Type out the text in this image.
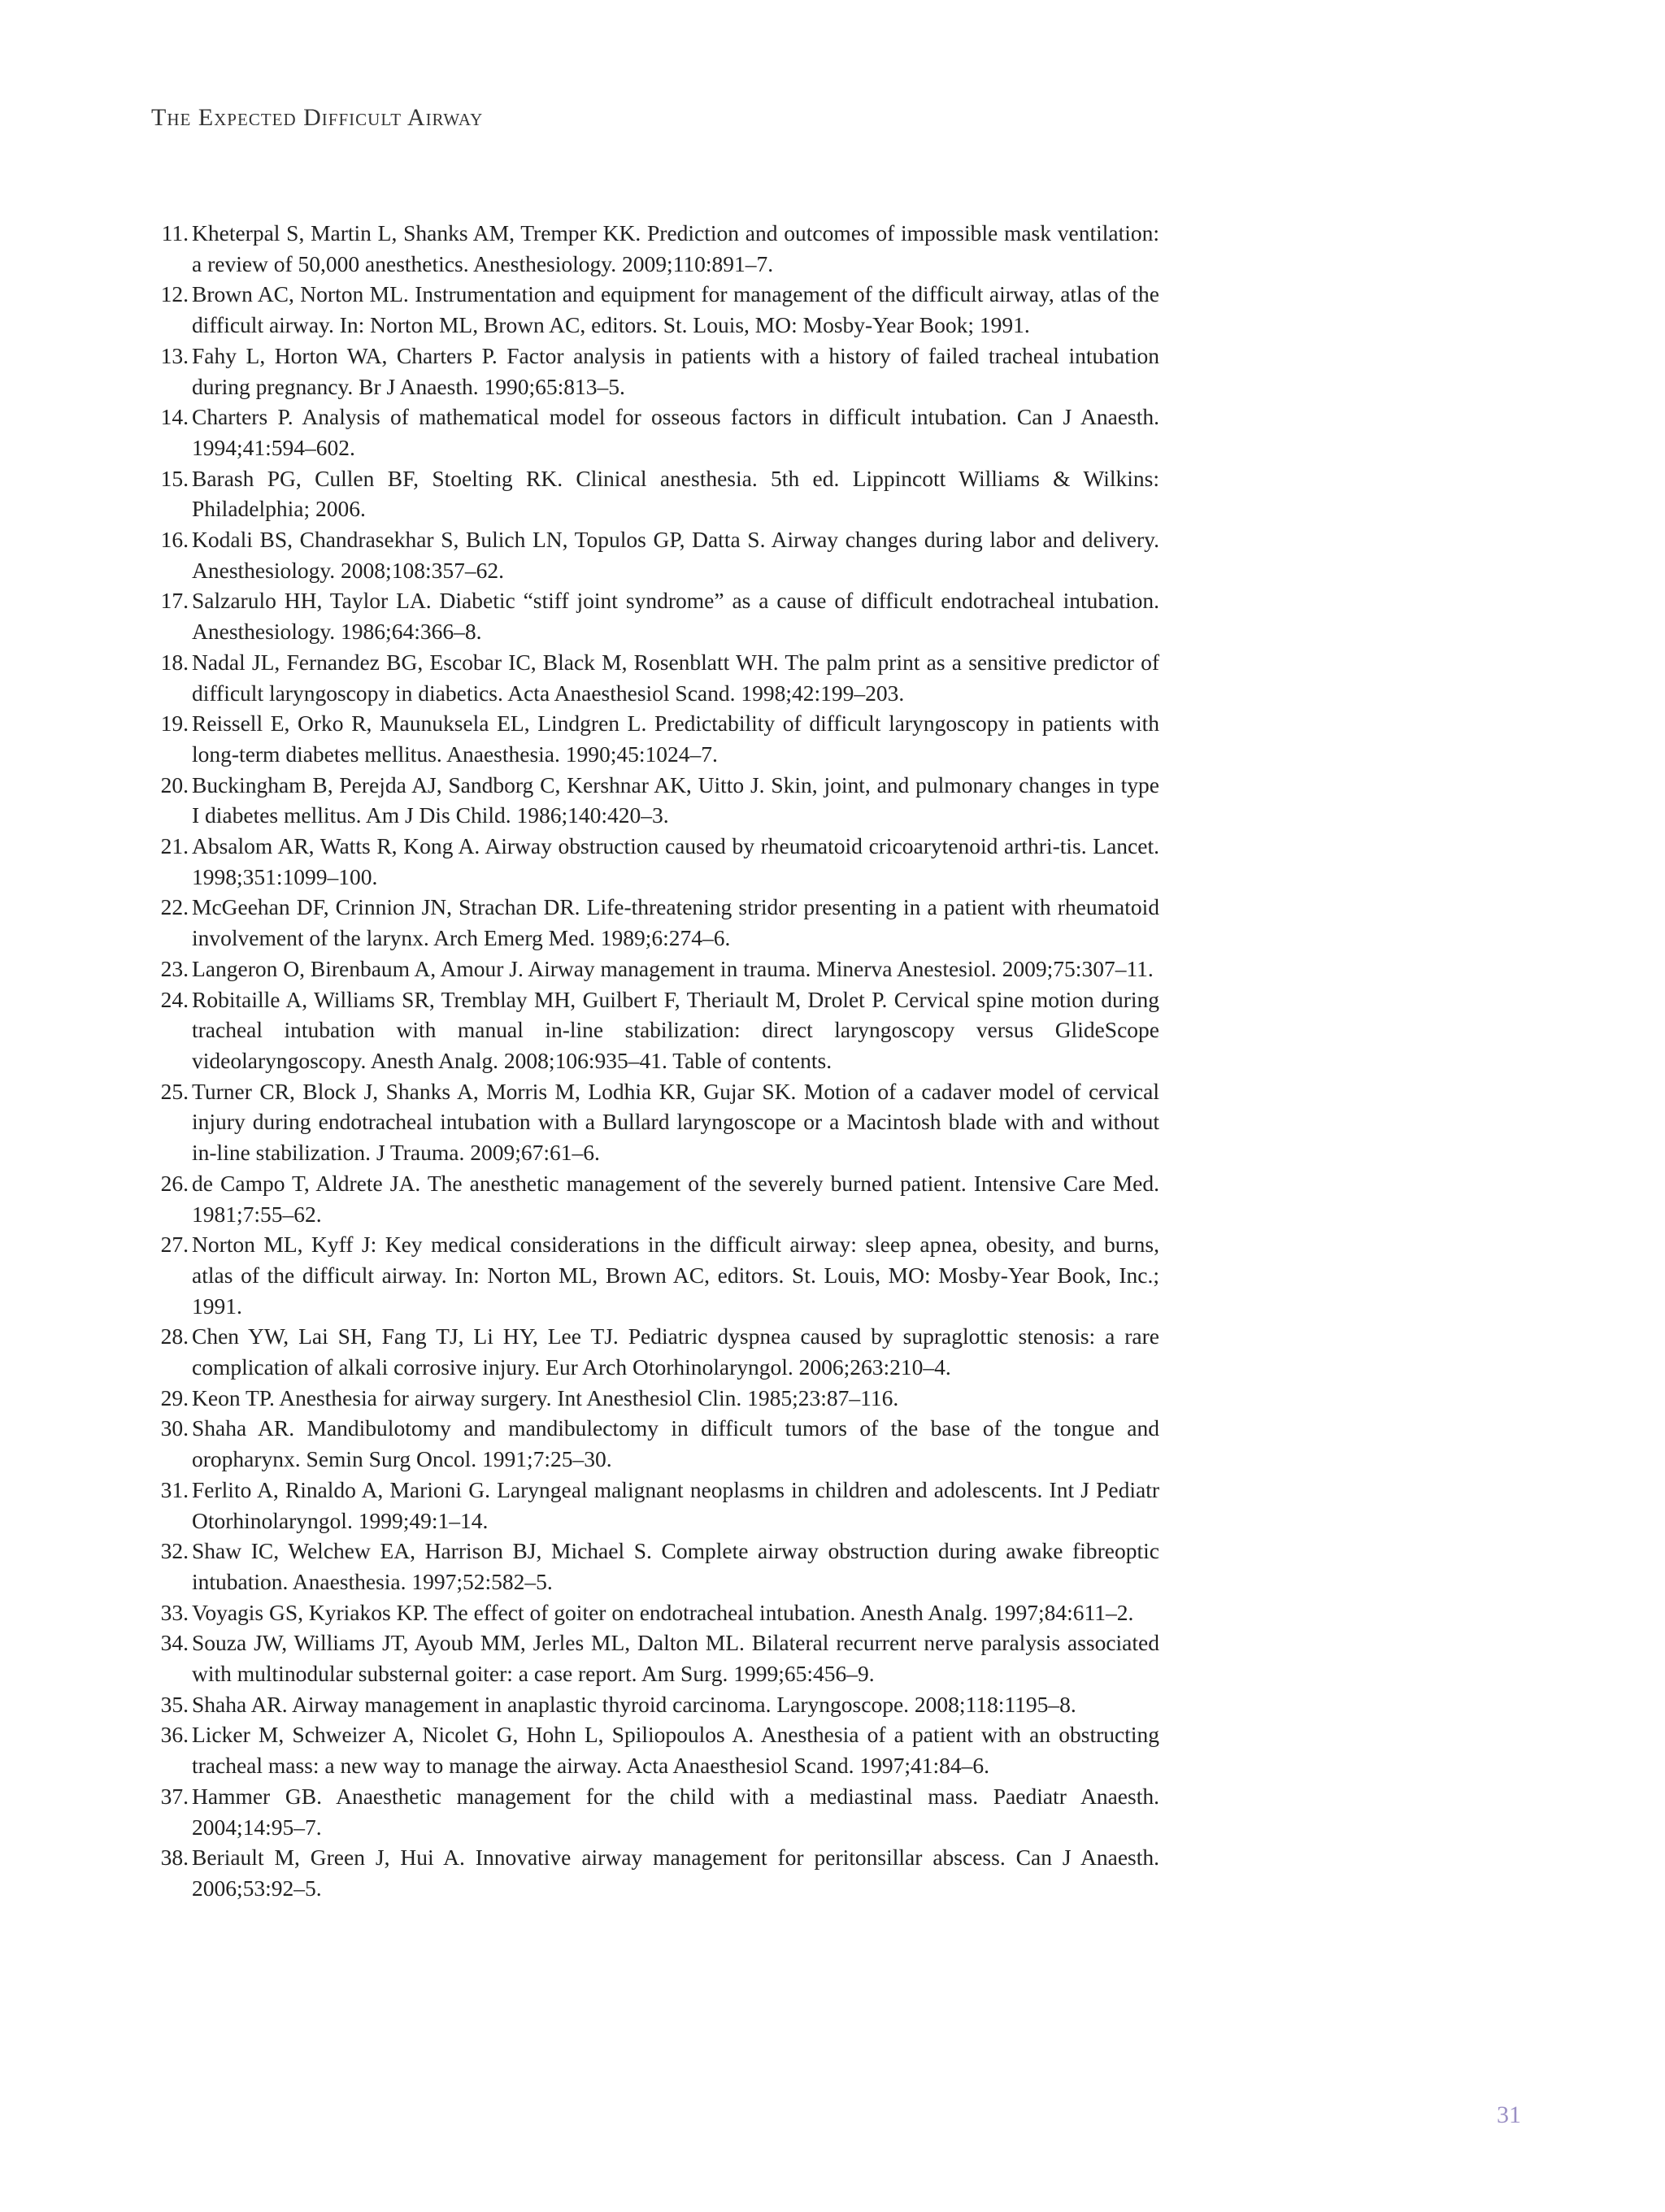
The Expected Difficult Airway
11. Kheterpal S, Martin L, Shanks AM, Tremper KK. Prediction and outcomes of impossible mask ventilation: a review of 50,000 anesthetics. Anesthesiology. 2009;110:891–7.
12. Brown AC, Norton ML. Instrumentation and equipment for management of the difficult airway, atlas of the difficult airway. In: Norton ML, Brown AC, editors. St. Louis, MO: Mosby-Year Book; 1991.
13. Fahy L, Horton WA, Charters P. Factor analysis in patients with a history of failed tracheal intubation during pregnancy. Br J Anaesth. 1990;65:813–5.
14. Charters P. Analysis of mathematical model for osseous factors in difficult intubation. Can J Anaesth. 1994;41:594–602.
15. Barash PG, Cullen BF, Stoelting RK. Clinical anesthesia. 5th ed. Lippincott Williams & Wilkins: Philadelphia; 2006.
16. Kodali BS, Chandrasekhar S, Bulich LN, Topulos GP, Datta S. Airway changes during labor and delivery. Anesthesiology. 2008;108:357–62.
17. Salzarulo HH, Taylor LA. Diabetic “stiff joint syndrome” as a cause of difficult endotracheal intubation. Anesthesiology. 1986;64:366–8.
18. Nadal JL, Fernandez BG, Escobar IC, Black M, Rosenblatt WH. The palm print as a sensitive predictor of difficult laryngoscopy in diabetics. Acta Anaesthesiol Scand. 1998;42:199–203.
19. Reissell E, Orko R, Maunuksela EL, Lindgren L. Predictability of difficult laryngoscopy in patients with long-term diabetes mellitus. Anaesthesia. 1990;45:1024–7.
20. Buckingham B, Perejda AJ, Sandborg C, Kershnar AK, Uitto J. Skin, joint, and pulmonary changes in type I diabetes mellitus. Am J Dis Child. 1986;140:420–3.
21. Absalom AR, Watts R, Kong A. Airway obstruction caused by rheumatoid cricoarytenoid arthri-tis. Lancet. 1998;351:1099–100.
22. McGeehan DF, Crinnion JN, Strachan DR. Life-threatening stridor presenting in a patient with rheumatoid involvement of the larynx. Arch Emerg Med. 1989;6:274–6.
23. Langeron O, Birenbaum A, Amour J. Airway management in trauma. Minerva Anestesiol. 2009;75:307–11.
24. Robitaille A, Williams SR, Tremblay MH, Guilbert F, Theriault M, Drolet P. Cervical spine motion during tracheal intubation with manual in-line stabilization: direct laryngoscopy versus GlideScope videolaryngoscopy. Anesth Analg. 2008;106:935–41. Table of contents.
25. Turner CR, Block J, Shanks A, Morris M, Lodhia KR, Gujar SK. Motion of a cadaver model of cervical injury during endotracheal intubation with a Bullard laryngoscope or a Macintosh blade with and without in-line stabilization. J Trauma. 2009;67:61–6.
26. de Campo T, Aldrete JA. The anesthetic management of the severely burned patient. Intensive Care Med. 1981;7:55–62.
27. Norton ML, Kyff J: Key medical considerations in the difficult airway: sleep apnea, obesity, and burns, atlas of the difficult airway. In: Norton ML, Brown AC, editors. St. Louis, MO: Mosby-Year Book, Inc.; 1991.
28. Chen YW, Lai SH, Fang TJ, Li HY, Lee TJ. Pediatric dyspnea caused by supraglottic stenosis: a rare complication of alkali corrosive injury. Eur Arch Otorhinolaryngol. 2006;263:210–4.
29. Keon TP. Anesthesia for airway surgery. Int Anesthesiol Clin. 1985;23:87–116.
30. Shaha AR. Mandibulotomy and mandibulectomy in difficult tumors of the base of the tongue and oropharynx. Semin Surg Oncol. 1991;7:25–30.
31. Ferlito A, Rinaldo A, Marioni G. Laryngeal malignant neoplasms in children and adolescents. Int J Pediatr Otorhinolaryngol. 1999;49:1–14.
32. Shaw IC, Welchew EA, Harrison BJ, Michael S. Complete airway obstruction during awake fibreoptic intubation. Anaesthesia. 1997;52:582–5.
33. Voyagis GS, Kyriakos KP. The effect of goiter on endotracheal intubation. Anesth Analg. 1997;84:611–2.
34. Souza JW, Williams JT, Ayoub MM, Jerles ML, Dalton ML. Bilateral recurrent nerve paralysis associated with multinodular substernal goiter: a case report. Am Surg. 1999;65:456–9.
35. Shaha AR. Airway management in anaplastic thyroid carcinoma. Laryngoscope. 2008;118:1195–8.
36. Licker M, Schweizer A, Nicolet G, Hohn L, Spiliopoulos A. Anesthesia of a patient with an obstructing tracheal mass: a new way to manage the airway. Acta Anaesthesiol Scand. 1997;41:84–6.
37. Hammer GB. Anaesthetic management for the child with a mediastinal mass. Paediatr Anaesth. 2004;14:95–7.
38. Beriault M, Green J, Hui A. Innovative airway management for peritonsillar abscess. Can J Anaesth. 2006;53:92–5.
31
